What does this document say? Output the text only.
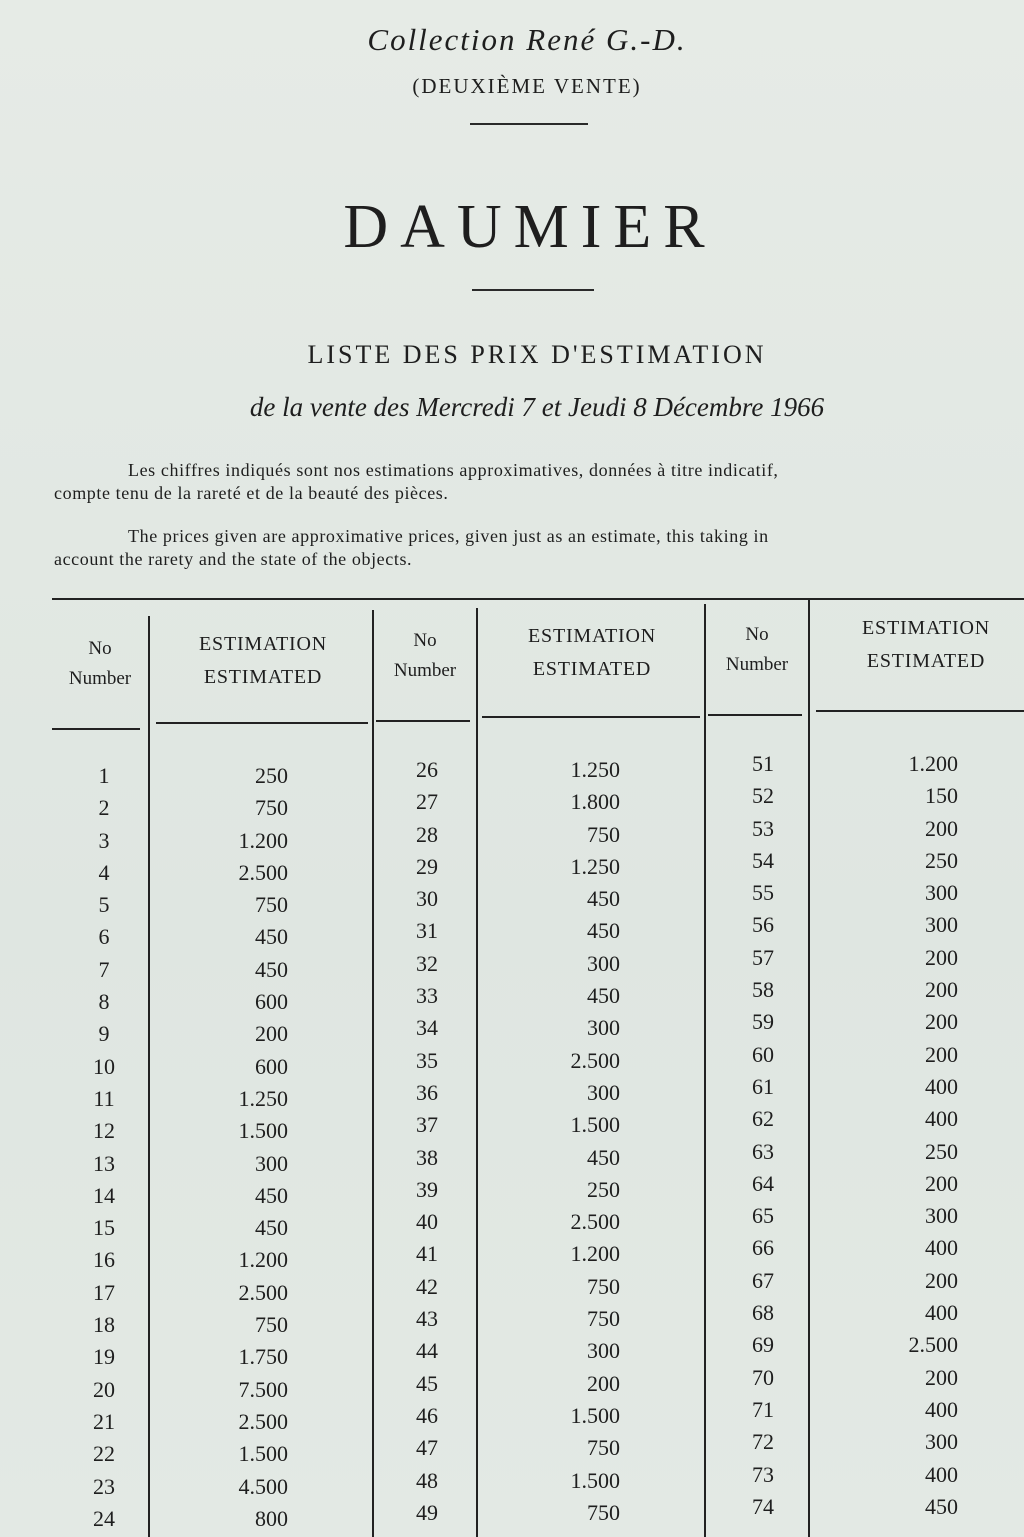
Collection René G.-D.
(DEUXIÈME VENTE)
DAUMIER
LISTE DES PRIX D'ESTIMATION
de la vente des Mercredi 7 et Jeudi 8 Décembre 1966
Les chiffres indiqués sont nos estimations approximatives, données à titre indicatif,
compte tenu de la rareté et de la beauté des pièces.
The prices given are approximative prices, given just as an estimate, this taking in
account the rarety and the state of the objects.
No
Number
ESTIMATION
ESTIMATED
No
Number
ESTIMATION
ESTIMATED
No
Number
ESTIMATION
ESTIMATED
1
2
3
4
5
6
7
8
9
10
11
12
13
14
15
16
17
18
19
20
21
22
23
24
250
750
1.200
2.500
750
450
450
600
200
600
1.250
1.500
300
450
450
1.200
2.500
750
1.750
7.500
2.500
1.500
4.500
800
26
27
28
29
30
31
32
33
34
35
36
37
38
39
40
41
42
43
44
45
46
47
48
49
1.250
1.800
750
1.250
450
450
300
450
300
2.500
300
1.500
450
250
2.500
1.200
750
750
300
200
1.500
750
1.500
750
51
52
53
54
55
56
57
58
59
60
61
62
63
64
65
66
67
68
69
70
71
72
73
74
1.200
150
200
250
300
300
200
200
200
200
400
400
250
200
300
400
200
400
2.500
200
400
300
400
450
